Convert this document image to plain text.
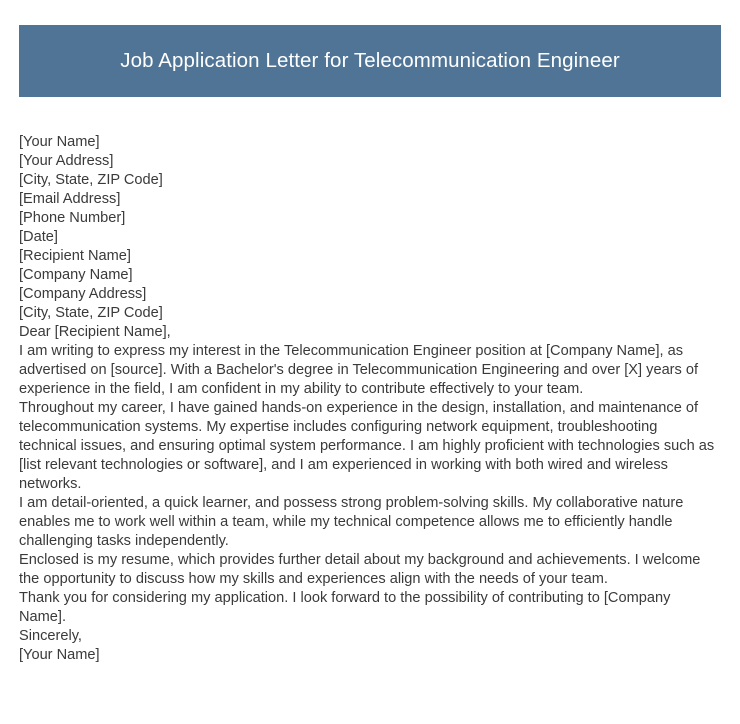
Job Application Letter for Telecommunication Engineer
[Your Name]
[Your Address]
[City, State, ZIP Code]
[Email Address]
[Phone Number]
[Date]
[Recipient Name]
[Company Name]
[Company Address]
[City, State, ZIP Code]
Dear [Recipient Name],

I am writing to express my interest in the Telecommunication Engineer position at [Company Name], as advertised on [source]. With a Bachelor's degree in Telecommunication Engineering and over [X] years of experience in the field, I am confident in my ability to contribute effectively to your team.

Throughout my career, I have gained hands-on experience in the design, installation, and maintenance of telecommunication systems. My expertise includes configuring network equipment, troubleshooting technical issues, and ensuring optimal system performance. I am highly proficient with technologies such as [list relevant technologies or software], and I am experienced in working with both wired and wireless networks.

I am detail-oriented, a quick learner, and possess strong problem-solving skills. My collaborative nature enables me to work well within a team, while my technical competence allows me to efficiently handle challenging tasks independently.

Enclosed is my resume, which provides further detail about my background and achievements. I welcome the opportunity to discuss how my skills and experiences align with the needs of your team.

Thank you for considering my application. I look forward to the possibility of contributing to [Company Name].

Sincerely,
[Your Name]
